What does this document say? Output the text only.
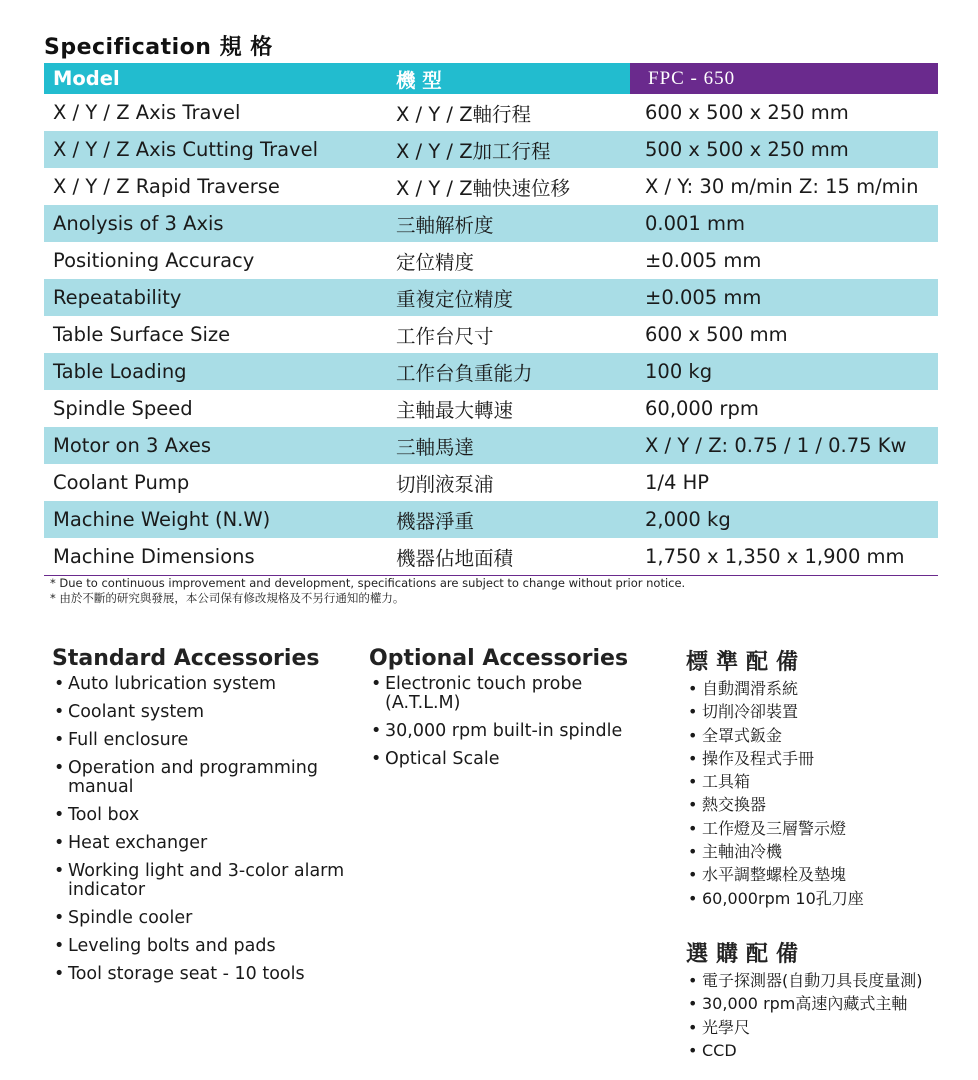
Specification 規 格
Model	機 型	FPC - 650
X / Y / Z Axis Travel	X / Y / Z軸行程	600 x 500 x 250 mm
X / Y / Z Axis Cutting Travel	X / Y / Z加工行程	500 x 500 x 250 mm
X / Y / Z Rapid Traverse	X / Y / Z軸快速位移	X / Y: 30 m/min Z: 15 m/min
Anolysis of 3 Axis	三軸解析度	0.001 mm
Positioning Accuracy	定位精度	±0.005 mm
Repeatability	重複定位精度	±0.005 mm
Table Surface Size	工作台尺寸	600 x 500 mm
Table Loading	工作台負重能力	100 kg
Spindle Speed	主軸最大轉速	60,000 rpm
Motor on 3 Axes	三軸馬達	X / Y / Z: 0.75 / 1 / 0.75 Kw
Coolant Pump	切削液泵浦	1/4 HP
Machine Weight (N.W)	機器淨重	2,000 kg
Machine Dimensions	機器佔地面積	1,750 x 1,350 x 1,900 mm
* Due to continuous improvement and development, specifications are subject to change without prior notice.
* 由於不斷的研究與發展，本公司保有修改規格及不另行通知的權力。
Standard Accessories
• Auto lubrication system
• Coolant system
• Full enclosure
• Operation and programming manual
• Tool box
• Heat exchanger
• Working light and 3-color alarm indicator
• Spindle cooler
• Leveling bolts and pads
• Tool storage seat - 10 tools
Optional Accessories
• Electronic touch probe (A.T.L.M)
• 30,000 rpm built-in spindle
• Optical Scale
標準配備
• 自動潤滑系統
• 切削冷卻裝置
• 全罩式鈑金
• 操作及程式手冊
• 工具箱
• 熱交換器
• 工作燈及三層警示燈
• 主軸油冷機
• 水平調整螺栓及墊塊
• 60,000rpm 10孔刀座
選購配備
• 電子探測器(自動刀具長度量測)
• 30,000 rpm高速內藏式主軸
• 光學尺
• CCD
